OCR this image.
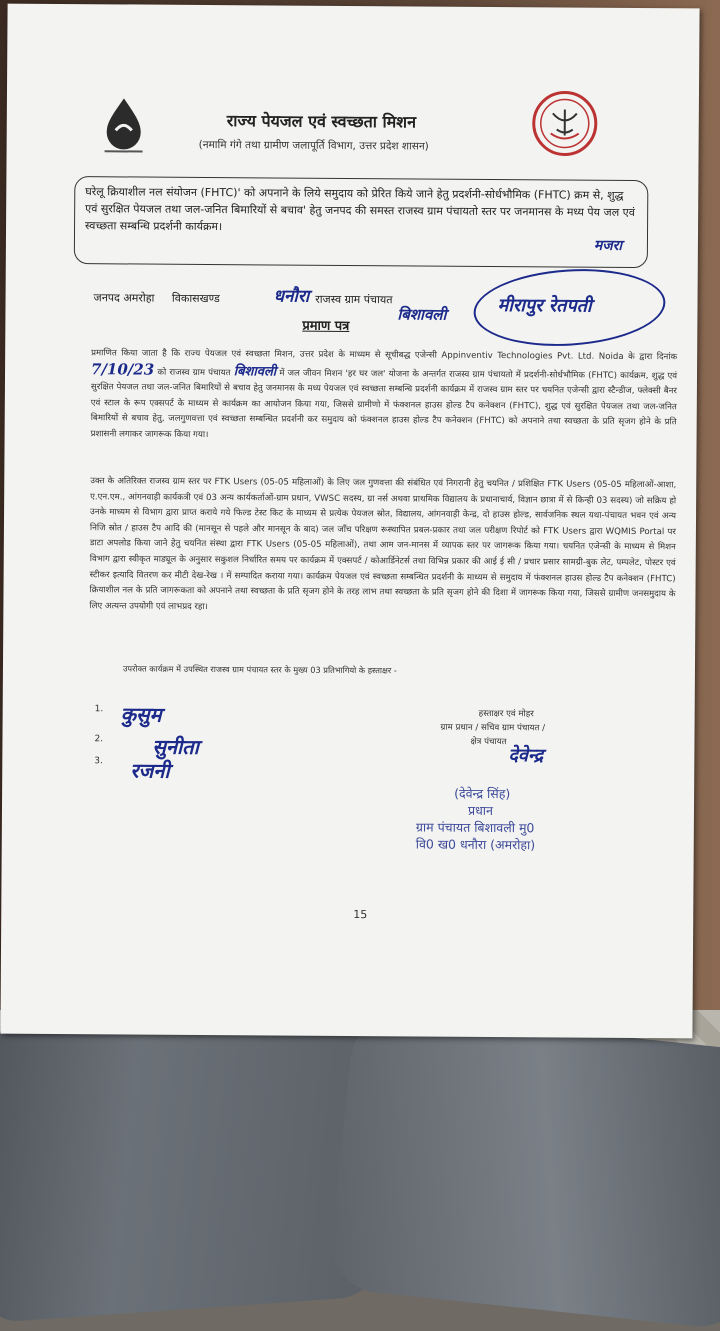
राज्य पेयजल एवं स्वच्छता मिशन
(नमामि गंगे तथा ग्रामीण जलापूर्ति विभाग, उत्तर प्रदेश शासन)
घरेलू क्रियाशील नल संयोजन (FHTC)' को अपनाने के लिये समुदाय को प्रेरित किये जाने हेतु प्रदर्शनी-सोर्धभौमिक (FHTC) क्रम से, शुद्ध एवं सुरक्षित पेयजल तथा जल-जनित बिमारियों से बचाव' हेतु जनपद की समस्त राजस्व ग्राम पंचायतो स्तर पर जनमानस के मध्य पेय जल एवं स्वच्छता सम्बन्धि प्रदर्शनी कार्यक्रम।
मजरा
जनपद अमरोहा विकासखण्ड	राजस्व ग्राम पंचायत
धनौरा
बिशावली	मीरापुर रेतपती
प्रमाण पत्र
प्रमाणित किया जाता है कि राज्य पेयजल एवं स्वच्छता मिशन, उत्तर प्रदेश के माध्यम से सूचीबद्ध एजेन्सी Appinventiv Technologies Pvt. Ltd. Noida के द्वारा दिनांक 7/10/23 को राजस्व ग्राम पंचायत बिशावली में जल जीवन मिशन 'हर घर जल' योजना के अन्तर्गत राजस्व ग्राम पंचायतो में प्रदर्शनी-सोर्धभौमिक (FHTC) कार्यक्रम, शुद्ध एवं सुरक्षित पेयजल तथा जल-जनित बिमारियों से बचाव हेतु जनमानस के मध्य पेयजल एवं स्वच्छता सम्बन्धि प्रदर्शनी कार्यक्रम में राजस्व ग्राम स्तर पर चयनित एजेन्सी द्वारा स्टैन्डीज, फ्लेक्सी बैनर एवं स्टाल के रूप एक्सपर्ट के माध्यम से कार्यक्रम का आयोजन किया गया, जिससे ग्रामीणो में फंक्शनल हाउस होल्ड टैप कनेक्शन (FHTC), शुद्ध एवं सुरक्षित पेयजल तथा जल-जनित बिमारियों से बचाव हेतु, जलगुणवत्ता एवं स्वच्छता सम्बन्धित प्रदर्शनी कर समुदाय को फंक्शनल हाउस होल्ड टैप कनेक्शन (FHTC) को अपनाने तथा स्वच्छता के प्रति सृजग होने के प्रति प्रशासनी लगाकर जागरूक किया गया।
उक्त के अतिरिक्त राजस्व ग्राम स्तर पर FTK Users (05-05 महिलाओं) के लिए जल गुणवत्ता की संबंधित एवं निगरानी हेतु चयनित / प्रशिक्षित FTK Users (05-05 महिलाओं-आशा, ए.एन.एम., आंगनवाड़ी कार्यकत्री एवं 03 अन्य कार्यकर्ताओं-ग्राम प्रधान, VWSC सदस्य, ग्रा नर्स अथवा प्राथमिक विद्यालय के प्रधानाचार्य, विज्ञान छात्रा में से किन्ही 03 सदस्य) जो सक्रिय हो उनके माध्यम से विभाग द्वारा प्राप्त कराये गये फिल्ड टेस्ट किट के माध्यम से प्रत्येक पेयजल स्रोत, विद्यालय, आंगनवाड़ी केन्द्र, दो हाउस होल्ड, सार्वजनिक स्थल यथा-पंचायत भवन एवं अन्य निजि स्रोत / हाउस टैप आदि की (मानसून से पहले और मानसून के बाद) जल जाँच परिक्षण रूस्थापित प्रबल-प्रकार तथा जल परीक्षण रिपोर्ट को FTK Users द्वारा WQMIS Portal पर डाटा अपलोड किया जाने हेतु चयनित संस्था द्वारा FTK Users (05-05 महिलाओं), तथा आम जन-मानस में व्यापक स्तर पर जागरूक किया गया। चयनित एजेन्सी के माध्यम से मिशन विभाग द्वारा स्वीकृत माड्यूल के अनुसार सकुशल निर्धारित समय पर कार्यक्रम में एक्सपर्ट / कोआर्डिनेटर्स तथा विभिन्न प्रकार की आई ई सी / प्रचार प्रसार सामग्री-बुक लेट, पम्पलेट, पोस्टर एवं स्टीकर इत्यादि वितरण कर मीटी देख-रेख । में सम्पादित कराया गया। कार्यक्रम पेयजल एवं स्वच्छता सम्बन्धित प्रदर्शनी के माध्यम से समुदाय में फंक्शनल हाउस होल्ड टैप कनेक्शन (FHTC) क्रियाशील नल के प्रति जागरूकता को अपनाने तथा स्वच्छता के प्रति सृजग होने के तरह लाभ तथा स्वच्छता के प्रति सृजग होने की दिशा में जागरूक किया गया, जिससे ग्रामीण जनसमुदाय के लिए अत्यन्त उपयोगी एवं लाभप्रद रहा।
उपरोक्त कार्यक्रम में उपस्थित राजस्व ग्राम पंचायत स्तर के मुख्य 03 प्रतिभागियो के हस्ताक्षर -
1.
2.
3.
कुसुम
सुनीता
रजनी
हस्ताक्षर एवं मोहर
ग्राम प्रधान / सचिव ग्राम पंचायत /
क्षेत्र पंचायत
देवेन्द्र
(देवेन्द्र सिंह)
प्रधान
ग्राम पंचायत बिशावली मु0
वि0 ख0 धनौरा (अमरोहा)
15
